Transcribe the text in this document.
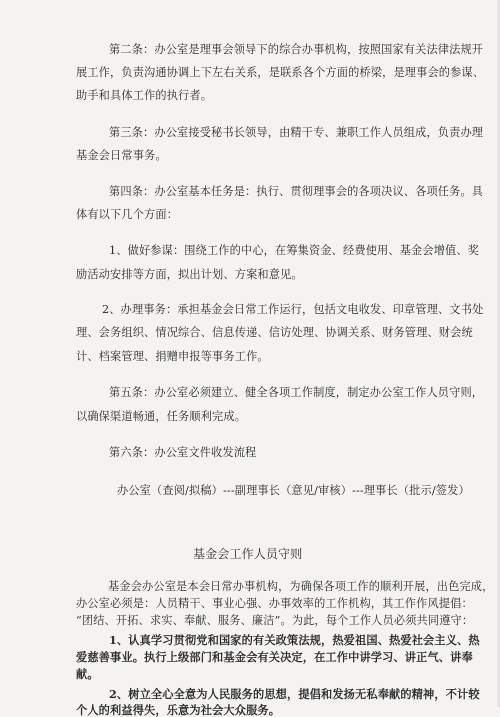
第二条：办公室是理事会领导下的综合办事机构，按照国家有关法律法规开
展工作，负责沟通协调上下左右关系，是联系各个方面的桥梁，是理事会的参谋、
助手和具体工作的执行者。
第三条：办公室接受秘书长领导，由精干专、兼职工作人员组成，负责办理
基金会日常事务。
第四条：办公室基本任务是：执行、贯彻理事会的各项决议、各项任务。具
体有以下几个方面：
1、做好参谋：围绕工作的中心，在筹集资金、经费使用、基金会增值、奖
励活动安排等方面，拟出计划、方案和意见。
2、办理事务：承担基金会日常工作运行，包括文电收发、印章管理、文书处
理、会务组织、情况综合、信息传递、信访处理、协调关系、财务管理、财会统
计、档案管理、捐赠申报等事务工作。
第五条：办公室必须建立、健全各项工作制度，制定办公室工作人员守则，
以确保渠道畅通，任务顺利完成。
第六条：办公室文件收发流程
办公室（查阅/拟稿）---副理事长（意见/审核）---理事长（批示/签发）
基金会工作人员守则
基金会办公室是本会日常办事机构，为确保各项工作的顺利开展，出色完成，
办公室必须是：人员精干、事业心强、办事效率的工作机构，其工作作风提倡：
“团结、开拓、求实、奉献、服务、廉洁”。为此，每个工作人员必须共同遵守：
1、认真学习贯彻党和国家的有关政策法规，热爱祖国、热爱社会主义、热
爱慈善事业。执行上级部门和基金会有关决定，在工作中讲学习、讲正气、讲奉
献。
2、树立全心全意为人民服务的思想，提倡和发扬无私奉献的精神，不计较
个人的利益得失，乐意为社会大众服务。
